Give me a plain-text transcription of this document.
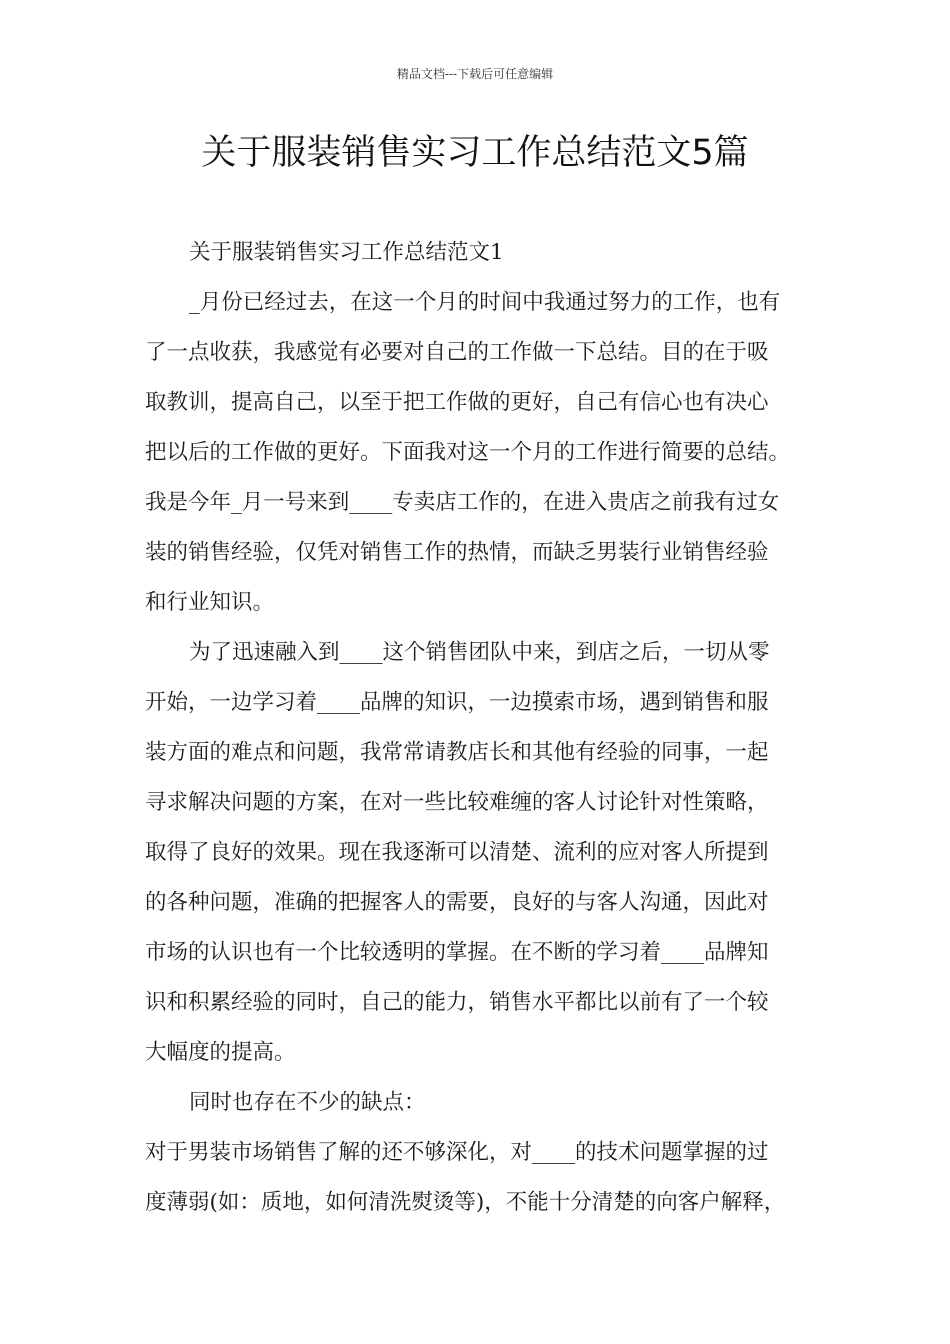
精品文档---下载后可任意编辑
关于服装销售实习工作总结范文5篇
关于服装销售实习工作总结范文1
_月份已经过去，在这一个月的时间中我通过努力的工作，也有
了一点收获，我感觉有必要对自己的工作做一下总结。目的在于吸
取教训，提高自己，以至于把工作做的更好，自己有信心也有决心
把以后的工作做的更好。下面我对这一个月的工作进行简要的总结。
我是今年_月一号来到____专卖店工作的，在进入贵店之前我有过女
装的销售经验，仅凭对销售工作的热情，而缺乏男装行业销售经验
和行业知识。
为了迅速融入到____这个销售团队中来，到店之后，一切从零
开始，一边学习着____品牌的知识，一边摸索市场，遇到销售和服
装方面的难点和问题，我常常请教店长和其他有经验的同事，一起
寻求解决问题的方案，在对一些比较难缠的客人讨论针对性策略，
取得了良好的效果。现在我逐渐可以清楚、流利的应对客人所提到
的各种问题，准确的把握客人的需要，良好的与客人沟通，因此对
市场的认识也有一个比较透明的掌握。在不断的学习着____品牌知
识和积累经验的同时，自己的能力，销售水平都比以前有了一个较
大幅度的提高。
同时也存在不少的缺点：
对于男装市场销售了解的还不够深化，对____的技术问题掌握的过
度薄弱(如：质地，如何清洗熨烫等)，不能十分清楚的向客户解释，
